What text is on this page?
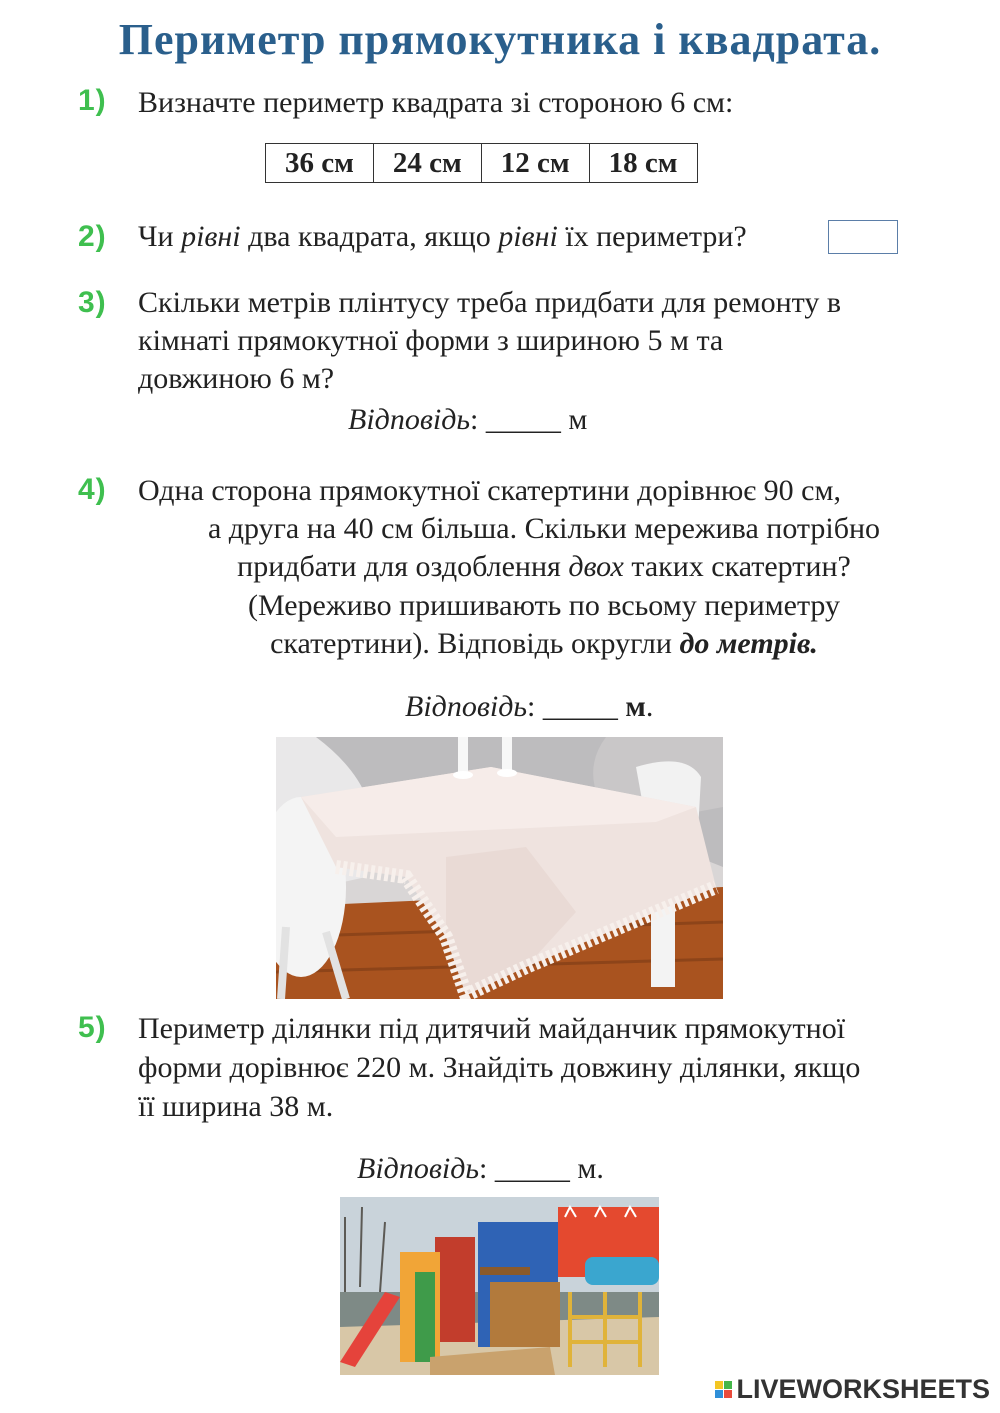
Периметр прямокутника і квадрата.
1) Визначте периметр квадрата зі стороною 6 см:
36 см	24 см	12 см	18 см
2) Чи рівні два квадрата, якщо рівні їх периметри?
3) Скільки метрів плінтусу треба придбати для ремонту в
кімнаті прямокутної форми з шириною 5 м та
довжиною 6 м?
Відповідь: _____ м
4) Одна сторона прямокутної скатертини дорівнює 90 см,
а друга на 40 см більша. Скільки мережива потрібно
придбати для оздоблення двох таких скатертин?
(Мереживо пришивають по всьому периметру
скатертини). Відповідь округли до метрів.
Відповідь: _____ м.
5) Периметр ділянки під дитячий майданчик прямокутної
форми дорівнює 220 м. Знайдіть довжину ділянки, якщо
її ширина 38 м.
Відповідь: _____ м.
LIVEWORKSHEETS
